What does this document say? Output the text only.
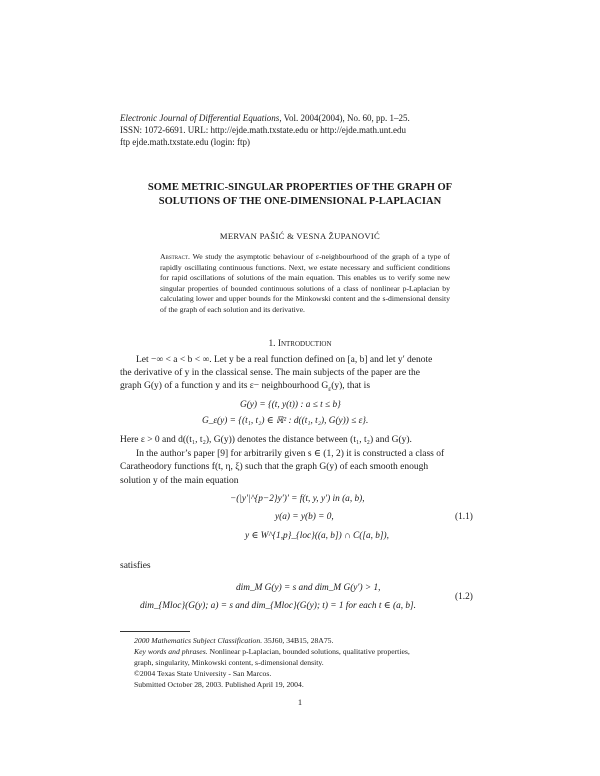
Electronic Journal of Differential Equations, Vol. 2004(2004), No. 60, pp. 1–25.
ISSN: 1072-6691. URL: http://ejde.math.txstate.edu or http://ejde.math.unt.edu
ftp ejde.math.txstate.edu (login: ftp)
SOME METRIC-SINGULAR PROPERTIES OF THE GRAPH OF
SOLUTIONS OF THE ONE-DIMENSIONAL P-LAPLACIAN
MERVAN PAŠIĆ & VESNA ŽUPANOVIĆ
Abstract. We study the asymptotic behaviour of ε-neighbourhood of the graph of a type of rapidly oscillating continuous functions. Next, we estate necessary and sufficient conditions for rapid oscillations of solutions of the main equation. This enables us to verify some new singular properties of bounded continuous solutions of a class of nonlinear p-Laplacian by calculating lower and upper bounds for the Minkowski content and the s-dimensional density of the graph of each solution and its derivative.
1. Introduction
Let −∞ < a < b < ∞. Let y be a real function defined on [a, b] and let y′ denote
the derivative of y in the classical sense. The main subjects of the paper are the
graph G(y) of a function y and its ε− neighbourhood $G_\varepsilon(y)$, that is
G(y) = {(t, y(t)) : a ≤ t ≤ b}
G_ε(y) = {(t₁, t₂) ∈ ℝ² : d((t₁, t₂), G(y)) ≤ ε}.
Here ε > 0 and d((t₁, t₂), G(y)) denotes the distance between (t₁, t₂) and G(y).
In the author’s paper [9] for arbitrarily given s ∈ (1, 2) it is constructed a class of
Caratheodory functions f(t, η, ξ) such that the graph G(y) of each smooth enough
solution y of the main equation
−(|y′|^{p−2}y′)′ = f(t, y, y′) in (a, b),
y(a) = y(b) = 0,
y ∈ W^{1,p}_{loc}((a, b]) ∩ C([a, b]),
(1.1)
satisfies
dim_M G(y) = s and dim_M G(y′) > 1,
dim_{Mloc}(G(y); a) = s and dim_{Mloc}(G(y); t) = 1 for each t ∈ (a, b].
(1.2)
2000 Mathematics Subject Classification. 35J60, 34B15, 28A75.
Key words and phrases. Nonlinear p-Laplacian, bounded solutions, qualitative properties,
graph, singularity, Minkowski content, s-dimensional density.
©2004 Texas State University - San Marcos.
Submitted October 28, 2003. Published April 19, 2004.
1
